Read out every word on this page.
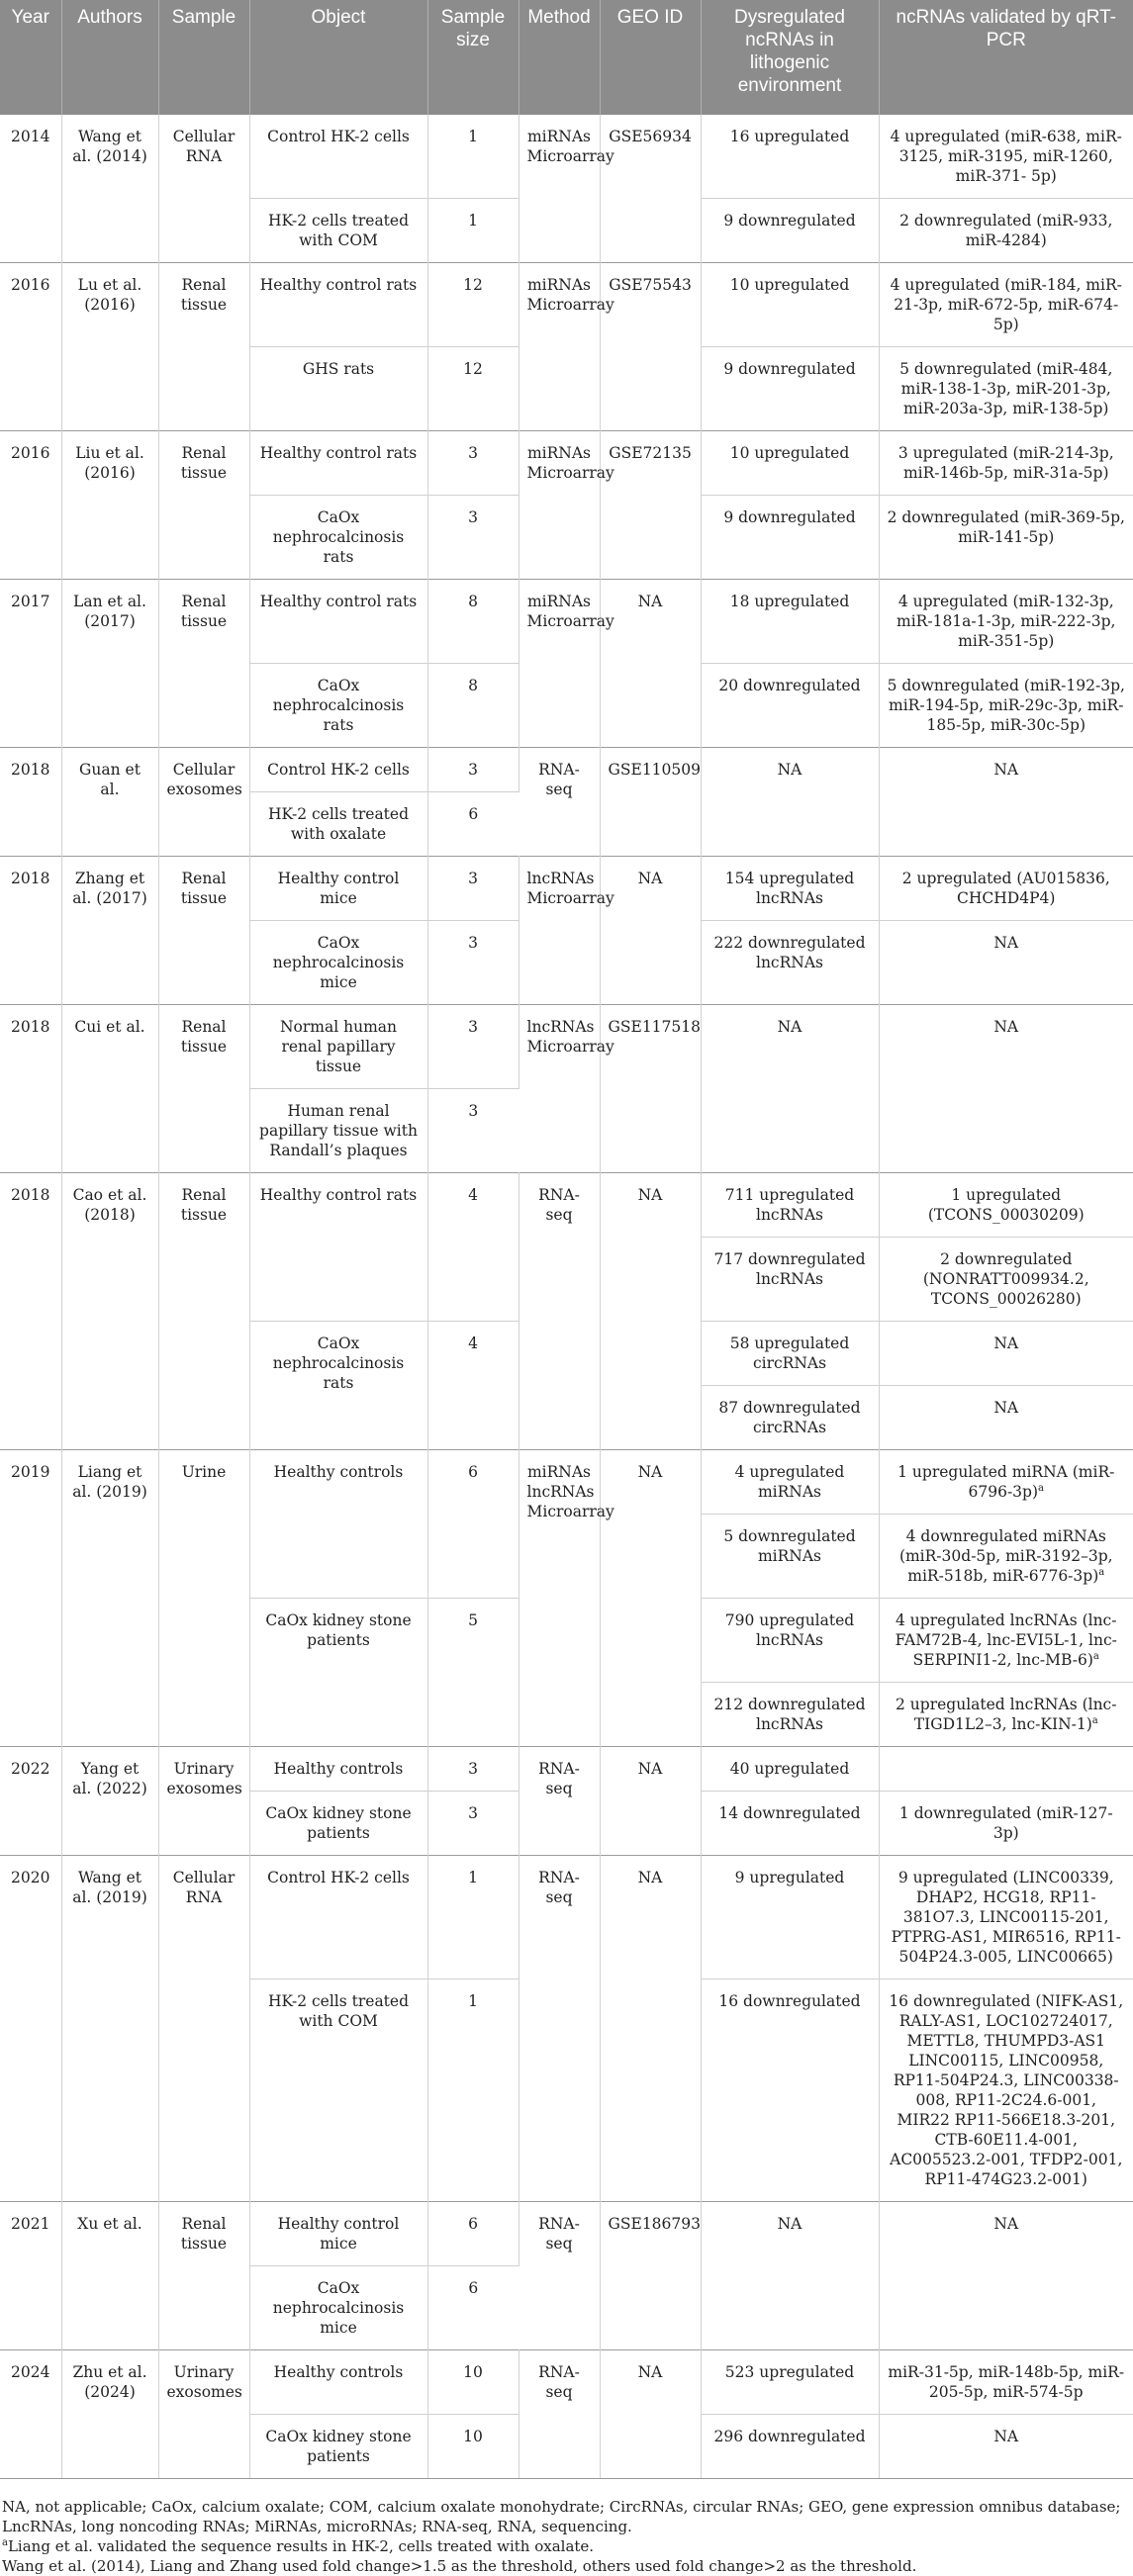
Year	Authors	Sample	Object	Sample size	Method	GEO ID	Dysregulated ncRNAs in lithogenic environment	ncRNAs validated by qRT-PCR
2014	Wang et al. (2014)	Cellular RNA	Control HK-2 cells	1	miRNAs Microarray	GSE56934	16 upregulated	4 upregulated (miR-638, miR-3125, miR-3195, miR-1260, miR-371- 5p)
			HK-2 cells treated with COM	1			9 downregulated	2 downregulated (miR-933, miR-4284)
2016	Lu et al. (2016)	Renal tissue	Healthy control rats	12	miRNAs Microarray	GSE75543	10 upregulated	4 upregulated (miR-184, miR-21-3p, miR-672-5p, miR-674-5p)
			GHS rats	12			9 downregulated	5 downregulated (miR-484, miR-138-1-3p, miR-201-3p, miR-203a-3p, miR-138-5p)
2016	Liu et al. (2016)	Renal tissue	Healthy control rats	3	miRNAs Microarray	GSE72135	10 upregulated	3 upregulated (miR-214-3p, miR-146b-5p, miR-31a-5p)
			CaOx nephrocalcinosis rats	3			9 downregulated	2 downregulated (miR-369-5p, miR-141-5p)
2017	Lan et al. (2017)	Renal tissue	Healthy control rats	8	miRNAs Microarray	NA	18 upregulated	4 upregulated (miR-132-3p, miR-181a-1-3p, miR-222-3p, miR-351-5p)
			CaOx nephrocalcinosis rats	8			20 downregulated	5 downregulated (miR-192-3p, miR-194-5p, miR-29c-3p, miR-185-5p, miR-30c-5p)
2018	Guan et al.	Cellular exosomes	Control HK-2 cells	3	RNA-seq	GSE110509	NA	NA
			HK-2 cells treated with oxalate	6				
2018	Zhang et al. (2017)	Renal tissue	Healthy control mice	3	lncRNAs Microarray	NA	154 upregulated lncRNAs	2 upregulated (AU015836, CHCHD4P4)
			CaOx nephrocalcinosis mice	3			222 downregulated lncRNAs	NA
2018	Cui et al.	Renal tissue	Normal human renal papillary tissue	3	lncRNAs Microarray	GSE117518	NA	NA
			Human renal papillary tissue with Randall’s plaques	3				
2018	Cao et al. (2018)	Renal tissue	Healthy control rats	4	RNA-seq	NA	711 upregulated lncRNAs	1 upregulated (TCONS_00030209)
							717 downregulated lncRNAs	2 downregulated (NONRATT009934.2, TCONS_00026280)
			CaOx nephrocalcinosis rats	4			58 upregulated circRNAs	NA
							87 downregulated circRNAs	NA
2019	Liang et al. (2019)	Urine	Healthy controls	6	miRNAs lncRNAs Microarray	NA	4 upregulated miRNAs	1 upregulated miRNA $(miR-6796-3p)^a$
							5 downregulated miRNAs	4 downregulated miRNAs (miR-30d-5p, miR-3192–3p, miR-518b, miR-6776-3p)$^a$
			CaOx kidney stone patients	5			790 upregulated lncRNAs	4 upregulated lncRNAs (lnc-FAM72B-4, lnc-EVI5L-1, lnc-SERPINI1-2, lnc-MB-6)$^a$
							212 downregulated lncRNAs	2 upregulated lncRNAs (lnc-TIGD1L2–3, lnc-KIN-1)$^a$
2022	Yang et al. (2022)	Urinary exosomes	Healthy controls	3	RNA-seq	NA	40 upregulated	
			CaOx kidney stone patients	3			14 downregulated	1 downregulated (miR-127-3p)
2020	Wang et al. (2019)	Cellular RNA	Control HK-2 cells	1	RNA-seq	NA	9 upregulated	9 upregulated (LINC00339, DHAP2, HCG18, RP11-381O7.3, LINC00115-201, PTPRG-AS1, MIR6516, RP11-504P24.3-005, LINC00665)
			HK-2 cells treated with COM	1			16 downregulated	16 downregulated (NIFK-AS1, RALY-AS1, LOC102724017, METTL8, THUMPD3-AS1 LINC00115, LINC00958, RP11-504P24.3, LINC00338-008, RP11-2C24.6-001, MIR22 RP11-566E18.3-201, CTB-60E11.4-001, AC005523.2-001, TFDP2-001, RP11-474G23.2-001)
2021	Xu et al.	Renal tissue	Healthy control mice	6	RNA-seq	GSE186793	NA	NA
			CaOx nephrocalcinosis mice	6				
2024	Zhu et al. (2024)	Urinary exosomes	Healthy controls	10	RNA-seq	NA	523 upregulated	miR-31-5p, miR-148b-5p, miR-205-5p, miR-574-5p
			CaOx kidney stone patients	10			296 downregulated	NA

NA, not applicable; CaOx, calcium oxalate; COM, calcium oxalate monohydrate; CircRNAs, circular RNAs; GEO, gene expression omnibus database; LncRNAs, long noncoding RNAs; MiRNAs, microRNAs; RNA-seq, RNA, sequencing.

$^a$Liang et al. validated the sequence results in HK-2, cells treated with oxalate.

Wang et al. (2014), Liang and Zhang used fold change>1.5 as the threshold, others used fold change>2 as the threshold.
